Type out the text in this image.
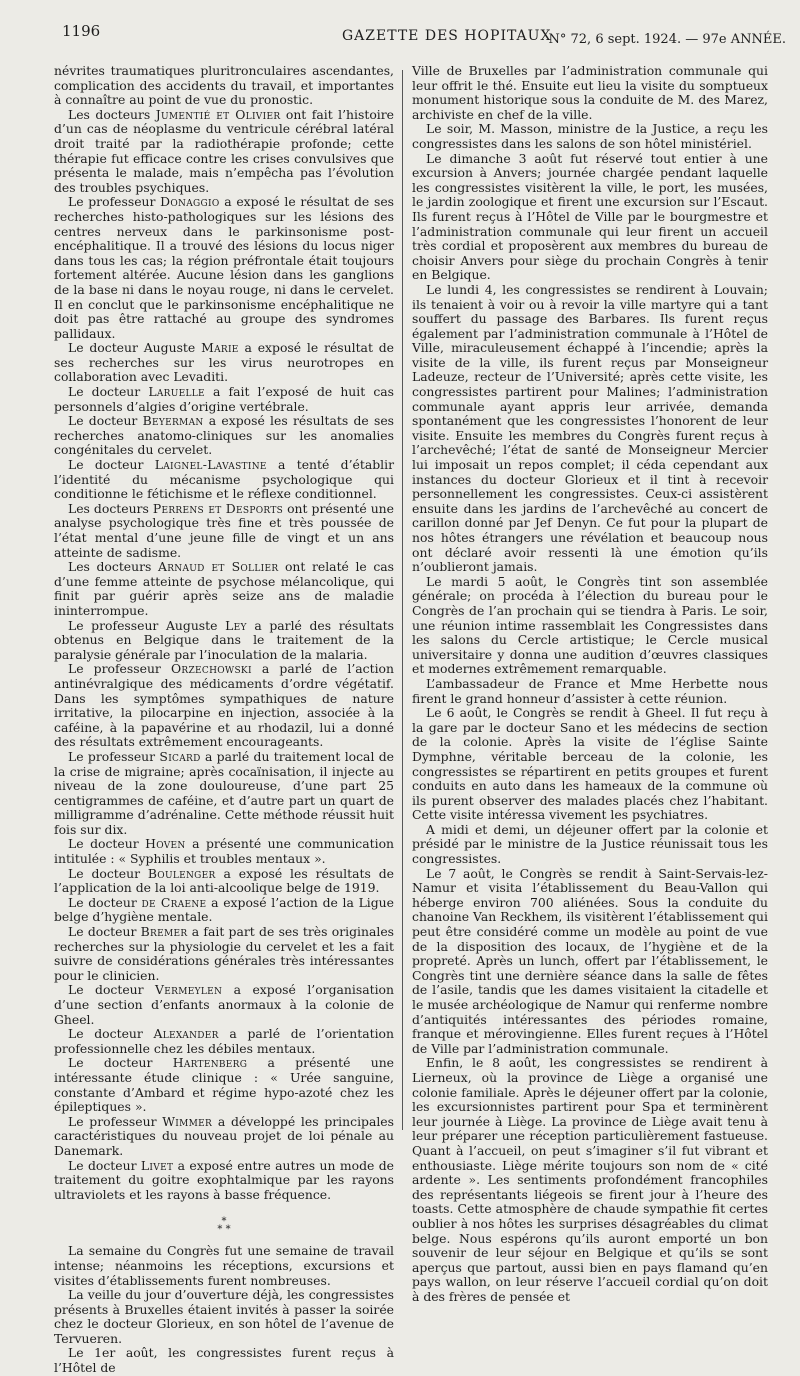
1196	GAZETTE DES HOPITAUX
N° 72, 6 sept. 1924. — 97e ANNÉE.

névrites traumatiques pluritronculaires ascendantes, complication des accidents du travail, et importantes à connaître au point de vue du pronostic.

Les docteurs Jumentié et Olivier ont fait l’histoire d’un cas de néoplasme du ventricule cérébral latéral droit traité par la radiothérapie profonde; cette thérapie fut efficace contre les crises convulsives que présenta le malade, mais n’empêcha pas l’évolution des troubles psychiques.

Le professeur Donaggio a exposé le résultat de ses recherches histo-pathologiques sur les lésions des centres nerveux dans le parkinsonisme post-encéphalitique. Il a trouvé des lésions du locus niger dans tous les cas; la région préfrontale était toujours fortement altérée. Aucune lésion dans les ganglions de la base ni dans le noyau rouge, ni dans le cervelet. Il en conclut que le parkinsonisme encéphalitique ne doit pas être rattaché au groupe des syndromes pallidaux.

Le docteur Auguste Marie a exposé le résultat de ses recherches sur les virus neurotropes en collaboration avec Levaditi.

Le docteur Laruelle a fait l’exposé de huit cas personnels d’algies d’origine vertébrale.

Le docteur Beyerman a exposé les résultats de ses recherches anatomo-cliniques sur les anomalies congénitales du cervelet.

Le docteur Laignel-Lavastine a tenté d’établir l’identité du mécanisme psychologique qui conditionne le fétichisme et le réflexe conditionnel.

Les docteurs Perrens et Desports ont présenté une analyse psychologique très fine et très poussée de l’état mental d’une jeune fille de vingt et un ans atteinte de sadisme.

Les docteurs Arnaud et Sollier ont relaté le cas d’une femme atteinte de psychose mélancolique, qui finit par guérir après seize ans de maladie ininterrompue.

Le professeur Auguste Ley a parlé des résultats obtenus en Belgique dans le traitement de la paralysie générale par l’inoculation de la malaria.

Le professeur Orzechowski a parlé de l’action antinévralgique des médicaments d’ordre végétatif. Dans les symptômes sympathiques de nature irritative, la pilocarpine en injection, associée à la caféine, à la papavérine et au rhodazil, lui a donné des résultats extrêmement encourageants.

Le professeur Sicard a parlé du traitement local de la crise de migraine; après cocaïnisation, il injecte au niveau de la zone douloureuse, d’une part 25 centigrammes de caféine, et d’autre part un quart de milligramme d’adrénaline. Cette méthode réussit huit fois sur dix.

Le docteur Hoven a présenté une communication intitulée : « Syphilis et troubles mentaux ».

Le docteur Boulenger a exposé les résultats de l’application de la loi anti-alcoolique belge de 1919.

Le docteur de Craene a exposé l’action de la Ligue belge d’hygiène mentale.

Le docteur Bremer a fait part de ses très originales recherches sur la physiologie du cervelet et les a fait suivre de considérations générales très intéressantes pour le clinicien.

Le docteur Vermeylen a exposé l’organisation d’une section d’enfants anormaux à la colonie de Gheel.

Le docteur Alexander a parlé de l’orientation professionnelle chez les débiles mentaux.

Le docteur Hartenberg a présenté une intéressante étude clinique : « Urée sanguine, constante d’Ambard et régime hypo-azoté chez les épileptiques ».

Le professeur Wimmer a développé les principales caractéristiques du nouveau projet de loi pénale au Danemark.

Le docteur Livet a exposé entre autres un mode de traitement du goitre exophtalmique par les rayons ultraviolets et les rayons à basse fréquence.

*
* *

La semaine du Congrès fut une semaine de travail intense; néanmoins les réceptions, excursions et visites d’établissements furent nombreuses.

La veille du jour d’ouverture déjà, les congressistes présents à Bruxelles étaient invités à passer la soirée chez le docteur Glorieux, en son hôtel de l’avenue de Tervueren.

Le 1er août, les congressistes furent reçus à l’Hôtel de

Ville de Bruxelles par l’administration communale qui leur offrit le thé. Ensuite eut lieu la visite du somptueux monument historique sous la conduite de M. des Marez, archiviste en chef de la ville.

Le soir, M. Masson, ministre de la Justice, a reçu les congressistes dans les salons de son hôtel ministériel.

Le dimanche 3 août fut réservé tout entier à une excursion à Anvers; journée chargée pendant laquelle les congressistes visitèrent la ville, le port, les musées, le jardin zoologique et firent une excursion sur l’Escaut. Ils furent reçus à l’Hôtel de Ville par le bourgmestre et l’administration communale qui leur firent un accueil très cordial et proposèrent aux membres du bureau de choisir Anvers pour siège du prochain Congrès à tenir en Belgique.

Le lundi 4, les congressistes se rendirent à Louvain; ils tenaient à voir ou à revoir la ville martyre qui a tant souffert du passage des Barbares. Ils furent reçus également par l’administration communale à l’Hôtel de Ville, miraculeusement échappé à l’incendie; après la visite de la ville, ils furent reçus par Monseigneur Ladeuze, recteur de l’Université; après cette visite, les congressistes partirent pour Malines; l’administration communale ayant appris leur arrivée, demanda spontanément que les congressistes l’honorent de leur visite. Ensuite les membres du Congrès furent reçus à l’archevêché; l’état de santé de Monseigneur Mercier lui imposait un repos complet; il céda cependant aux instances du docteur Glorieux et il tint à recevoir personnellement les congressistes. Ceux-ci assistèrent ensuite dans les jardins de l’archevêché au concert de carillon donné par Jef Denyn. Ce fut pour la plupart de nos hôtes étrangers une révélation et beaucoup nous ont déclaré avoir ressenti là une émotion qu’ils n’oublieront jamais.

Le mardi 5 août, le Congrès tint son assemblée générale; on procéda à l’élection du bureau pour le Congrès de l’an prochain qui se tiendra à Paris. Le soir, une réunion intime rassemblait les Congressistes dans les salons du Cercle artistique; le Cercle musical universitaire y donna une audition d’œuvres classiques et modernes extrêmement remarquable.

L’ambassadeur de France et Mme Herbette nous firent le grand honneur d’assister à cette réunion.

Le 6 août, le Congrès se rendit à Gheel. Il fut reçu à la gare par le docteur Sano et les médecins de section de la colonie. Après la visite de l’église Sainte Dymphne, véritable berceau de la colonie, les congressistes se répartirent en petits groupes et furent conduits en auto dans les hameaux de la commune où ils purent observer des malades placés chez l’habitant. Cette visite intéressa vivement les psychiatres.

A midi et demi, un déjeuner offert par la colonie et présidé par le ministre de la Justice réunissait tous les congressistes.

Le 7 août, le Congrès se rendit à Saint-Servais-lez-Namur et visita l’établissement du Beau-Vallon qui héberge environ 700 aliénées. Sous la conduite du chanoine Van Reckhem, ils visitèrent l’établissement qui peut être considéré comme un modèle au point de vue de la disposition des locaux, de l’hygiène et de la propreté. Après un lunch, offert par l’établissement, le Congrès tint une dernière séance dans la salle de fêtes de l’asile, tandis que les dames visitaient la citadelle et le musée archéologique de Namur qui renferme nombre d’antiquités intéressantes des périodes romaine, franque et mérovingienne. Elles furent reçues à l’Hôtel de Ville par l’administration communale.

Enfin, le 8 août, les congressistes se rendirent à Lierneux, où la province de Liège a organisé une colonie familiale. Après le déjeuner offert par la colonie, les excursionnistes partirent pour Spa et terminèrent leur journée à Liège. La province de Liège avait tenu à leur préparer une réception particulièrement fastueuse. Quant à l’accueil, on peut s’imaginer s’il fut vibrant et enthousiaste. Liège mérite toujours son nom de « cité ardente ». Les sentiments profondément francophiles des représentants liégeois se firent jour à l’heure des toasts. Cette atmosphère de chaude sympathie fit certes oublier à nos hôtes les surprises désagréables du climat belge. Nous espérons qu’ils auront emporté un bon souvenir de leur séjour en Belgique et qu’ils se sont aperçus que partout, aussi bien en pays flamand qu’en pays wallon, on leur réserve l’accueil cordial qu’on doit à des frères de pensée et
